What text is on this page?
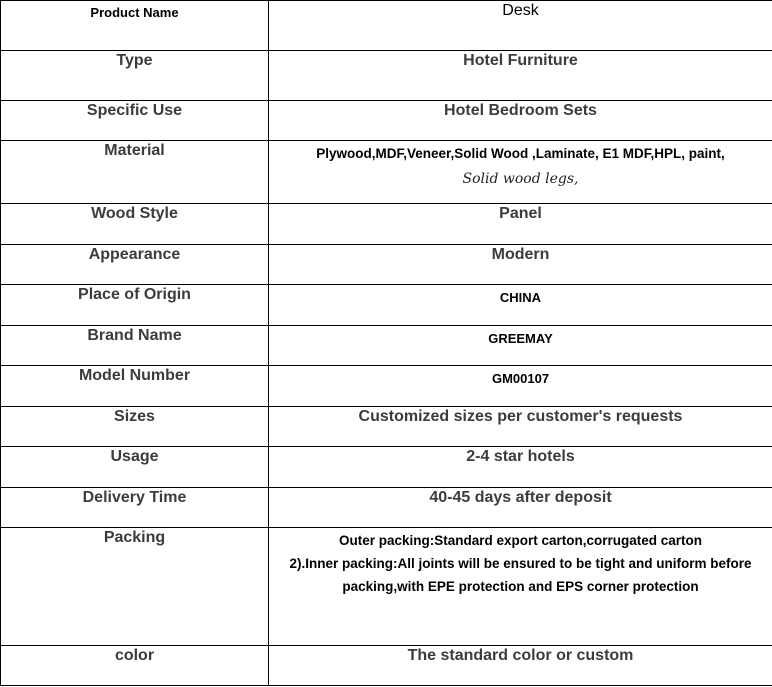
Product Name	Desk

Type	Hotel Furniture

Specific Use	Hotel Bedroom Sets

Material	Plywood,MDF,Veneer,Solid Wood ,Laminate, E1 MDF,HPL, paint,
Solid wood legs,

Wood Style	Panel

Appearance	Modern

Place of Origin	CHINA

Brand Name	GREEMAY

Model Number	GM00107

Sizes	Customized sizes per customer's requests

Usage	2-4 star hotels

Delivery Time	40-45 days after deposit

Packing	Outer packing:Standard export carton,corrugated carton
2).Inner packing:All joints will be ensured to be tight and uniform before
packing,with EPE protection and EPS corner protection

color	The standard color or custom
